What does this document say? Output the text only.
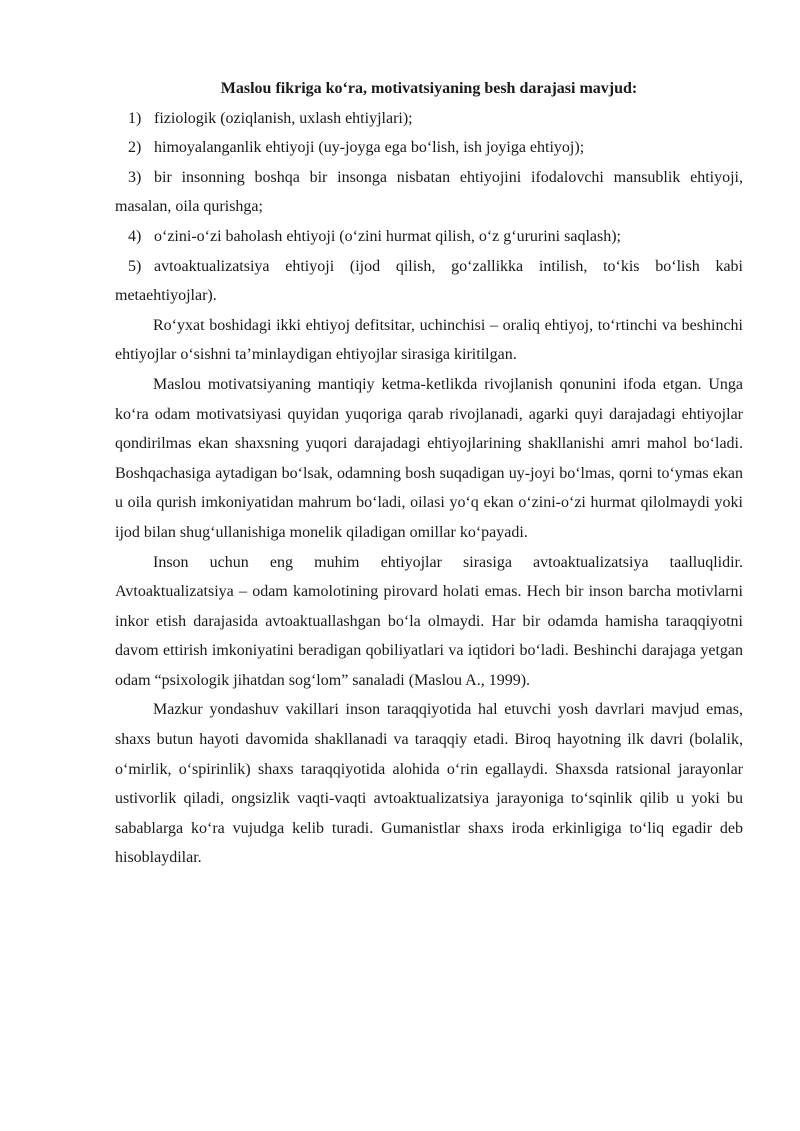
Maslou fikriga ko‘ra, motivatsiyaning besh darajasi mavjud:

1) fiziologik (oziqlanish, uxlash ehtiyjlari);
2) himoyalanganlik ehtiyoji (uy-joyga ega bo‘lish, ish joyiga ehtiyoj);
3) bir insonning boshqa bir insonga nisbatan ehtiyojini ifodalovchi mansublik ehtiyoji, masalan, oila qurishga;
4) o‘zini-o‘zi baholash ehtiyoji (o‘zini hurmat qilish, o‘z g‘ururini saqlash);
5) avtoaktualizatsiya ehtiyoji (ijod qilish, go‘zallikka intilish, to‘kis bo‘lish kabi metaehtiyojlar).

Ro‘yxat boshidagi ikki ehtiyoj defitsitar, uchinchisi – oraliq ehtiyoj, to‘rtinchi va beshinchi ehtiyojlar o‘sishni ta’minlaydigan ehtiyojlar sirasiga kiritilgan.

Maslou motivatsiyaning mantiqiy ketma-ketlikda rivojlanish qonunini ifoda etgan. Unga ko‘ra odam motivatsiyasi quyidan yuqoriga qarab rivojlanadi, agarki quyi darajadagi ehtiyojlar qondirilmas ekan shaxsning yuqori darajadagi ehtiyojlarining shakllanishi amri mahol bo‘ladi. Boshqachasiga aytadigan bo‘lsak, odamning bosh suqadigan uy-joyi bo‘lmas, qorni to‘ymas ekan u oila qurish imkoniyatidan mahrum bo‘ladi, oilasi yo‘q ekan o‘zini-o‘zi hurmat qilolmaydi yoki ijod bilan shug‘ullanishiga monelik qiladigan omillar ko‘payadi.

Inson uchun eng muhim ehtiyojlar sirasiga avtoaktualizatsiya taalluqlidir. Avtoaktualizatsiya – odam kamolotining pirovard holati emas. Hech bir inson barcha motivlarni inkor etish darajasida avtoaktuallashgan bo‘la olmaydi. Har bir odamda hamisha taraqqiyotni davom ettirish imkoniyatini beradigan qobiliyatlari va iqtidori bo‘ladi. Beshinchi darajaga yetgan odam “psixologik jihatdan sog‘lom” sanaladi (Maslou A., 1999).

Mazkur yondashuv vakillari inson taraqqiyotida hal etuvchi yosh davrlari mavjud emas, shaxs butun hayoti davomida shakllanadi va taraqqiy etadi. Biroq hayotning ilk davri (bolalik, o‘mirlik, o‘spirinlik) shaxs taraqqiyotida alohida o‘rin egallaydi. Shaxsda ratsional jarayonlar ustivorlik qiladi, ongsizlik vaqti-vaqti avtoaktualizatsiya jarayoniga to‘sqinlik qilib u yoki bu sabablarga ko‘ra vujudga kelib turadi. Gumanistlar shaxs iroda erkinligiga to‘liq egadir deb hisoblaydilar.
